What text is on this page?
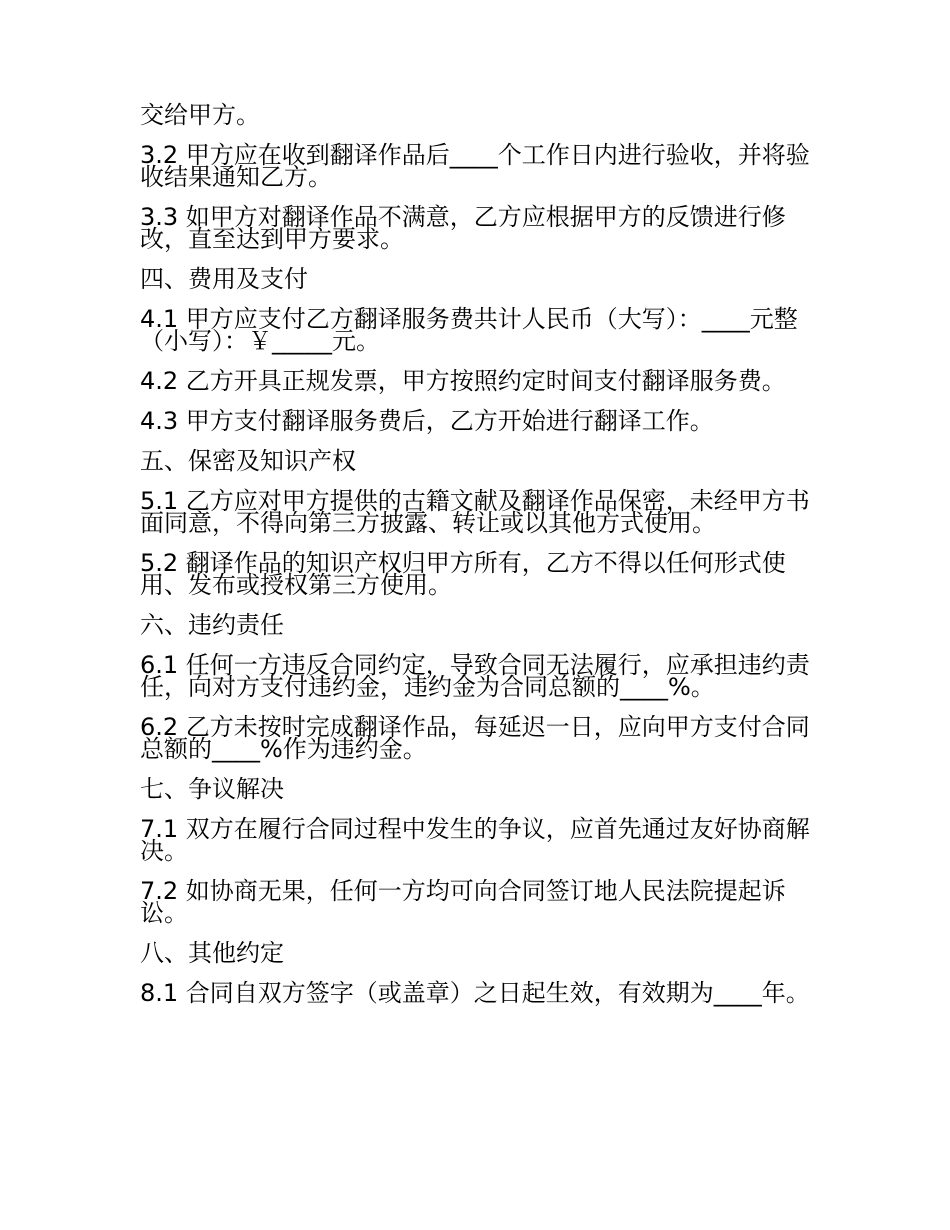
交给甲方。

3.2 甲方应在收到翻译作品后____个工作日内进行验收，并将验收结果通知乙方。

3.3 如甲方对翻译作品不满意，乙方应根据甲方的反馈进行修改，直至达到甲方要求。

四、费用及支付

4.1 甲方应支付乙方翻译服务费共计人民币（大写）：____元整（小写）：￥_____元。

4.2 乙方开具正规发票，甲方按照约定时间支付翻译服务费。

4.3 甲方支付翻译服务费后，乙方开始进行翻译工作。

五、保密及知识产权

5.1 乙方应对甲方提供的古籍文献及翻译作品保密，未经甲方书面同意，不得向第三方披露、转让或以其他方式使用。

5.2 翻译作品的知识产权归甲方所有，乙方不得以任何形式使用、发布或授权第三方使用。

六、违约责任

6.1 任何一方违反合同约定，导致合同无法履行，应承担违约责任，向对方支付违约金，违约金为合同总额的____%。

6.2 乙方未按时完成翻译作品，每延迟一日，应向甲方支付合同总额的____%作为违约金。

七、争议解决

7.1 双方在履行合同过程中发生的争议，应首先通过友好协商解决。

7.2 如协商无果，任何一方均可向合同签订地人民法院提起诉讼。

八、其他约定

8.1 合同自双方签字（或盖章）之日起生效，有效期为____年。
